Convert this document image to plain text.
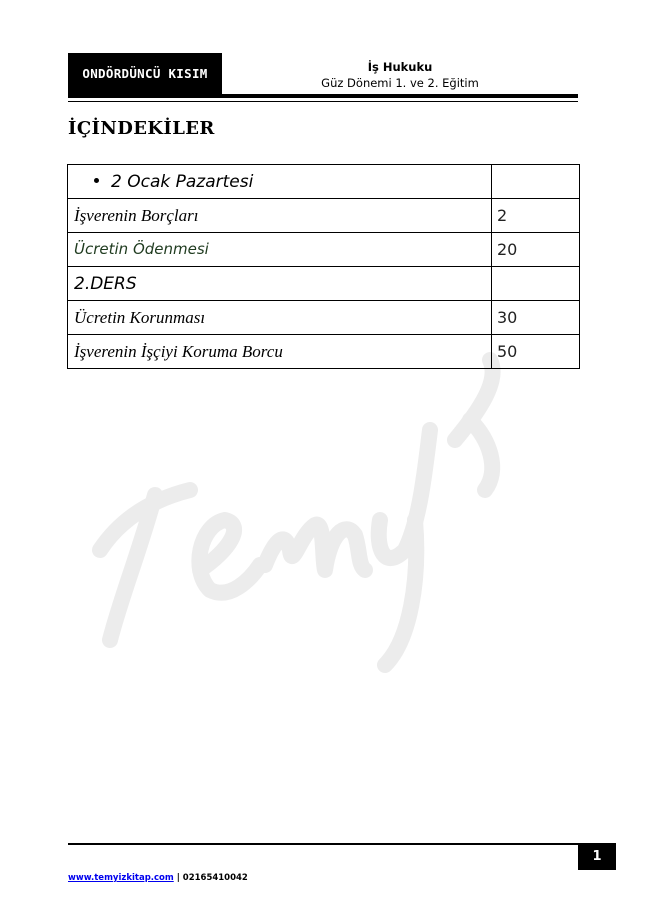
ONDÖRDÜNCÜ KISIM	İş Hukuku
Güz Dönemi 1. ve 2. Eğitim
İÇİNDEKİLER
2 Ocak Pazartesi	
İşverenin Borçları	2
Ücretin Ödenmesi	20
2.DERS	
Ücretin Korunması	30
İşverenin İşçiyi Koruma Borcu	50
1
www.temyizkitap.com | 02165410042
